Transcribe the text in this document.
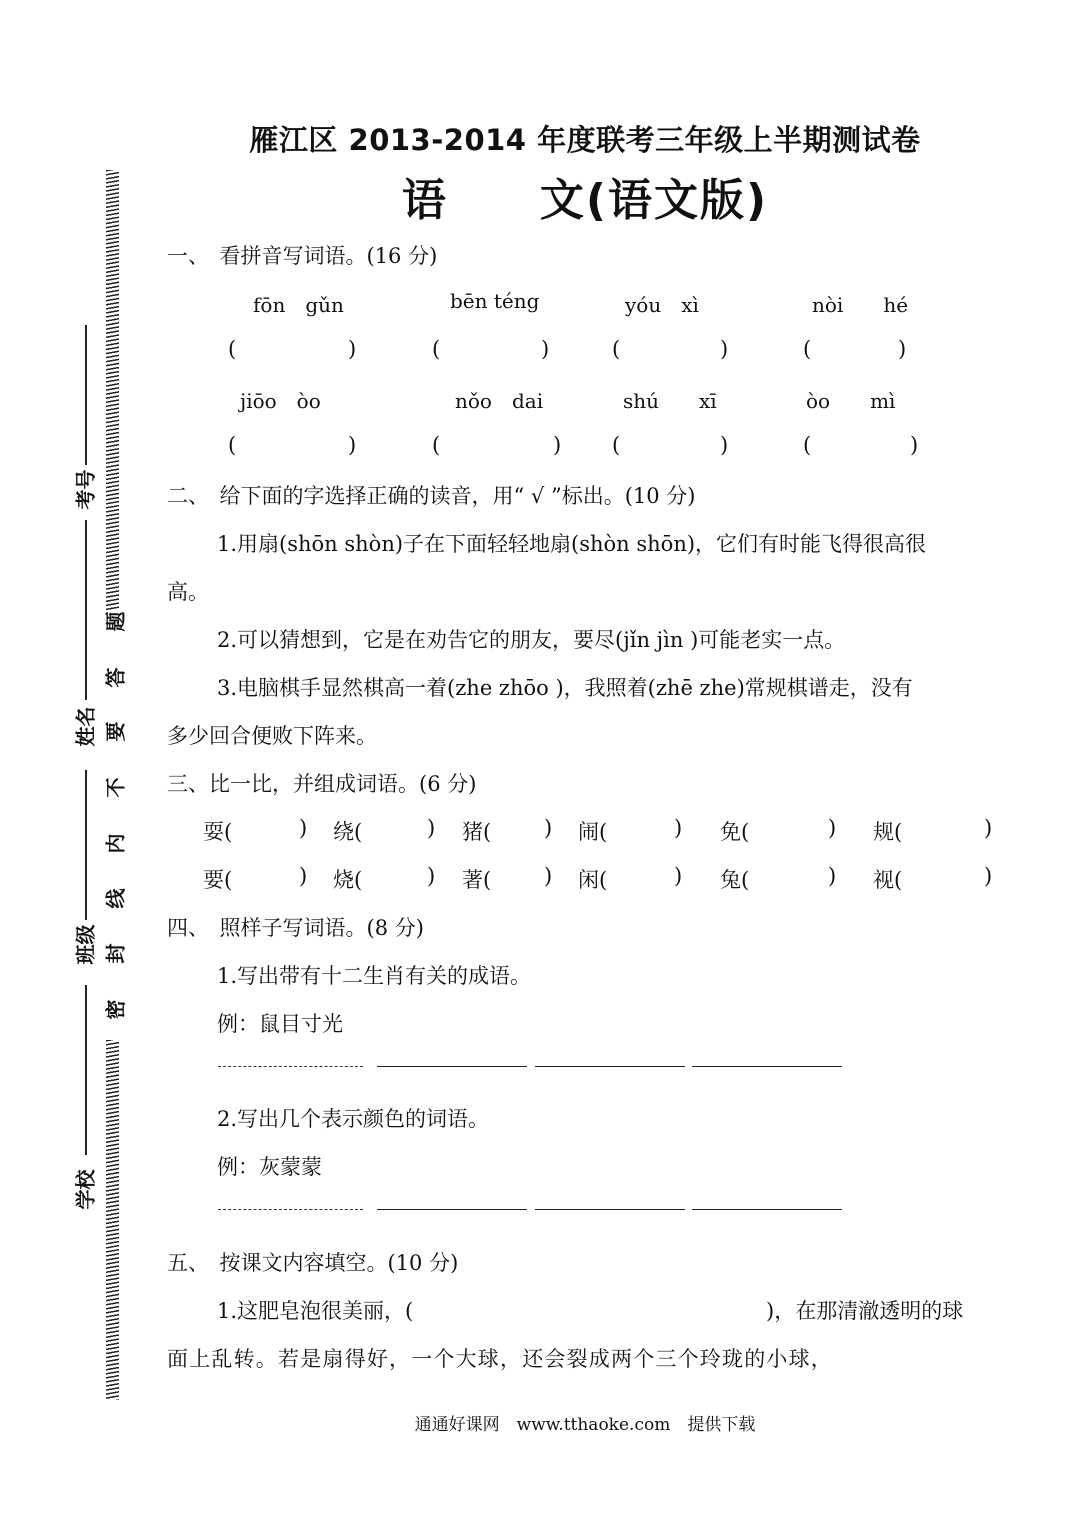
雁江区 2013-2014 年度联考三年级上半期测试卷
语　　文(语文版)
考号
姓名
班级
学校
题
答
要
不
内
线
封
密
一、　看拼音写词语。(16 分)
fōn　gǔn	bēn téng	yóu　xì	nòi　　hé
(	)	(	)	(	)	(	)
jiōo　òo	nǒo　dai	shú　　xī	òo　　mì
(	)	(	) (	)	(	)
二、　给下面的字选择正确的读音，用“ √ ”标出。(10 分)
1.用扇(shōn shòn)子在下面轻轻地扇(shòn shōn)，它们有时能飞得很高很
高。
2.可以猜想到，它是在劝告它的朋友，要尽(jǐn jìn )可能老实一点。
3.电脑棋手显然棋高一着(zhe zhōo )，我照着(zhē zhe)常规棋谱走，没有
多少回合便败下阵来。
三、比一比，并组成词语。(6 分)
耍(	) 绕(	) 猪(	) 闹(	) 免(	) 规(	)
要(	) 烧(	) 著(	) 闲(	) 兔(	) 视(	)
四、　照样子写词语。(8 分)
1.写出带有十二生肖有关的成语。
例：鼠目寸光
2.写出几个表示颜色的词语。
例：灰蒙蒙
五、　按课文内容填空。(10 分)
1.这肥皂泡很美丽，(	)，在那清澈透明的球
面上乱转。若是扇得好，一个大球，还会裂成两个三个玲珑的小球，
通通好课网　www.tthaoke.com　提供下载
